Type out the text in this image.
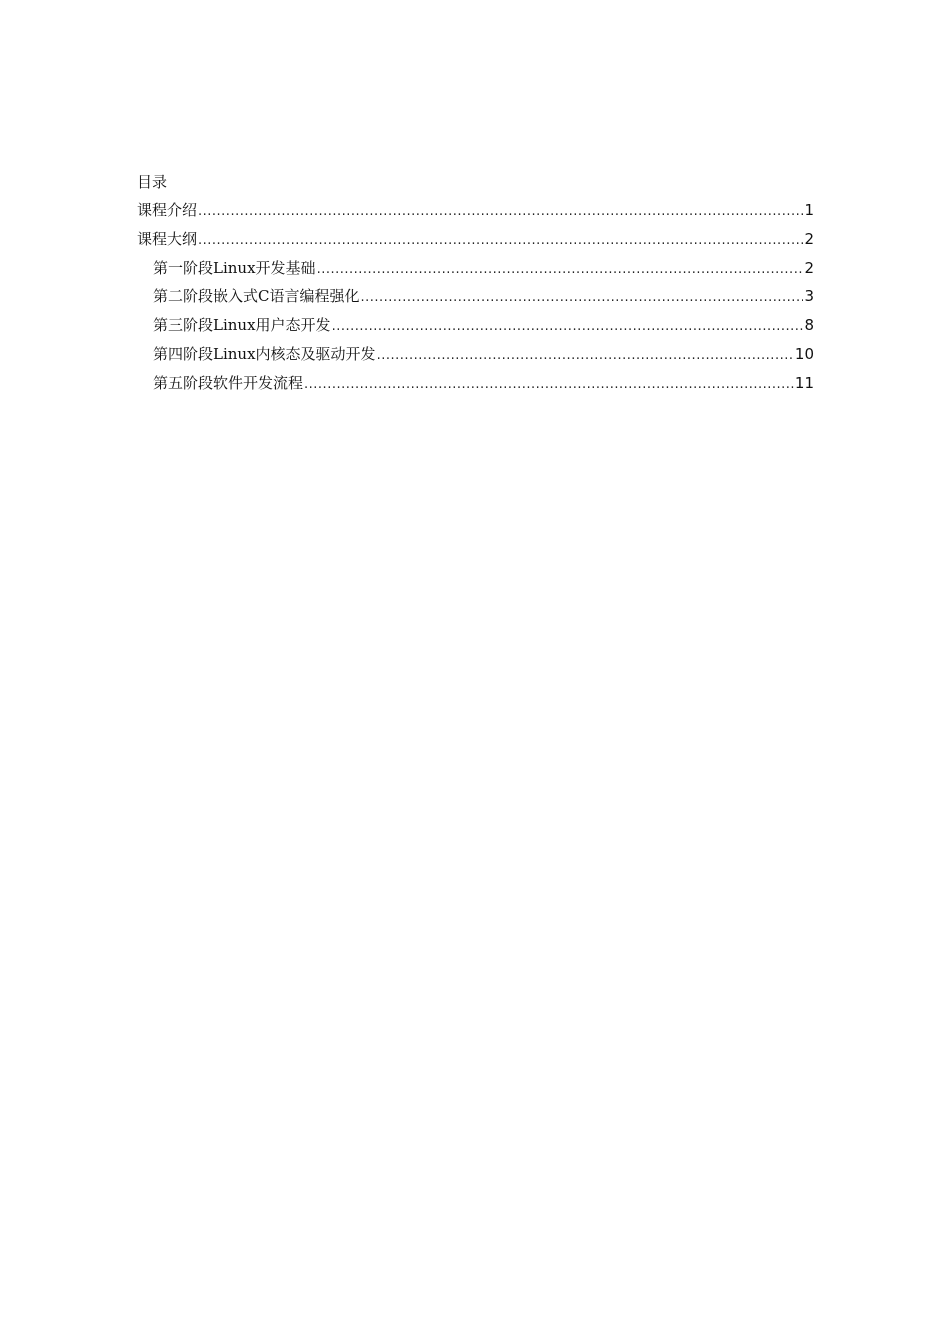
目录
课程介绍 .....	1
课程大纲 .....	2
第一阶段 Linux开发基础 .....	2
第二阶段 嵌入式C语言编程强化 .....	3
第三阶段 Linux用户态开发 .....	8
第四阶段 Linux内核态及驱动开发 .....	10
第五阶段 软件开发流程 .....	11
